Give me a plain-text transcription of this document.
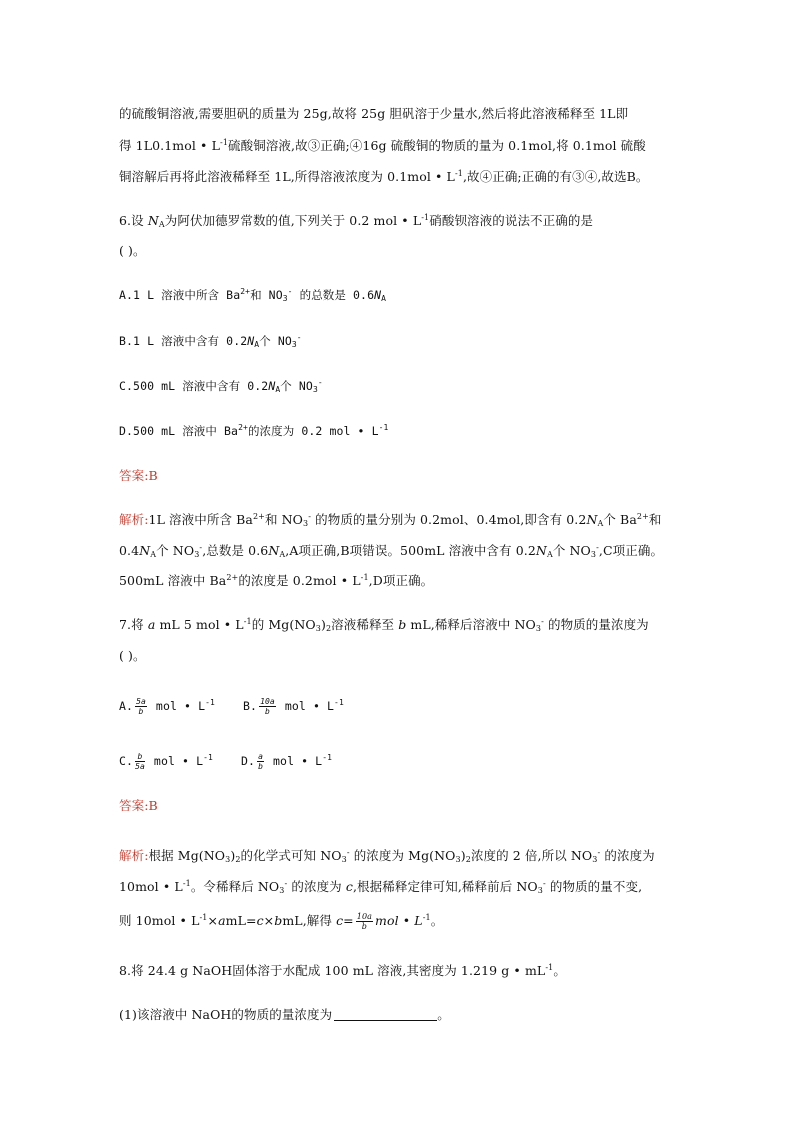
的硫酸铜溶液,需要胆矾的质量为 25g,故将 25g 胆矾溶于少量水,然后将此溶液稀释至 1L即
得 1L0.1mol • $L^{-1}$硫酸铜溶液,故③正确;④16g 硫酸铜的物质的量为 0.1mol,将 0.1mol 硫酸
铜溶解后再将此溶液稀释至 1L,所得溶液浓度为 0.1mol • $L^{-1}$,故④正确;正确的有③④,故选B。
6.设 $N_A$为阿伏加德罗常数的值,下列关于 0.2 mol • $L^{-1}$硝酸钡溶液的说法不正确的是
( )。
A.1 L 溶液中所含 $Ba^{2+}$和 $NO_3^-$ 的总数是 $0.6N_A$
B.1 L 溶液中含有 $0.2N_A$个 $NO_3^-$
C.500 mL 溶液中含有 $0.2N_A$个 $NO_3^-$
D.500 mL 溶液中 $Ba^{2+}$的浓度为 0.2 mol • $L^{-1}$
答案:B
解析:1L 溶液中所含 $Ba^{2+}$和 $NO_3^-$ 的物质的量分别为 0.2mol、0.4mol,即含有 $0.2N_A$个 $Ba^{2+}$和
$0.4N_A$个 $NO_3^-$,总数是 $0.6N_A,A$项正确,B项错误。500mL 溶液中含有 $0.2N_A$个 $NO_3^-,C$项正确。
500mL 溶液中 $Ba^{2+}$的浓度是 0.2mol • $L^{-1},D$项正确。
7.将 a mL 5 mol • $L^{-1}$的 $Mg(NO_3)_2$溶液稀释至 b mL,稀释后溶液中 $NO_3^-$ 的物质的量浓度为
( )。
A. $\frac{5a}{b}$ mol • $L^{-1}$ B. $\frac{10a}{b}$ mol • $L^{-1}$
C. $\frac{b}{5a}$ mol • $L^{-1}$ D. $\frac{a}{b}$ mol • $L^{-1}$
答案:B
解析:根据 $Mg(NO_3)_2$的化学式可知 $NO_3^-$ 的浓度为 $Mg(NO_3)_2$浓度的 2 倍,所以 $NO_3^-$ 的浓度为
10mol • $L^{-1}$。令稀释后 $NO_3^-$ 的浓度为 c,根据稀释定律可知,稀释前后 $NO_3^-$ 的物质的量不变,
则 10mol • $L^{-1}\times amL=c\times bmL$,解得 $c= \frac{10a}{b}$ mol • $L^{-1}$。
8.将 24.4 g NaOH固体溶于水配成 100 mL 溶液,其密度为 1.219 g • $mL^{-1}$。
(1)该溶液中 NaOH的物质的量浓度为	。
